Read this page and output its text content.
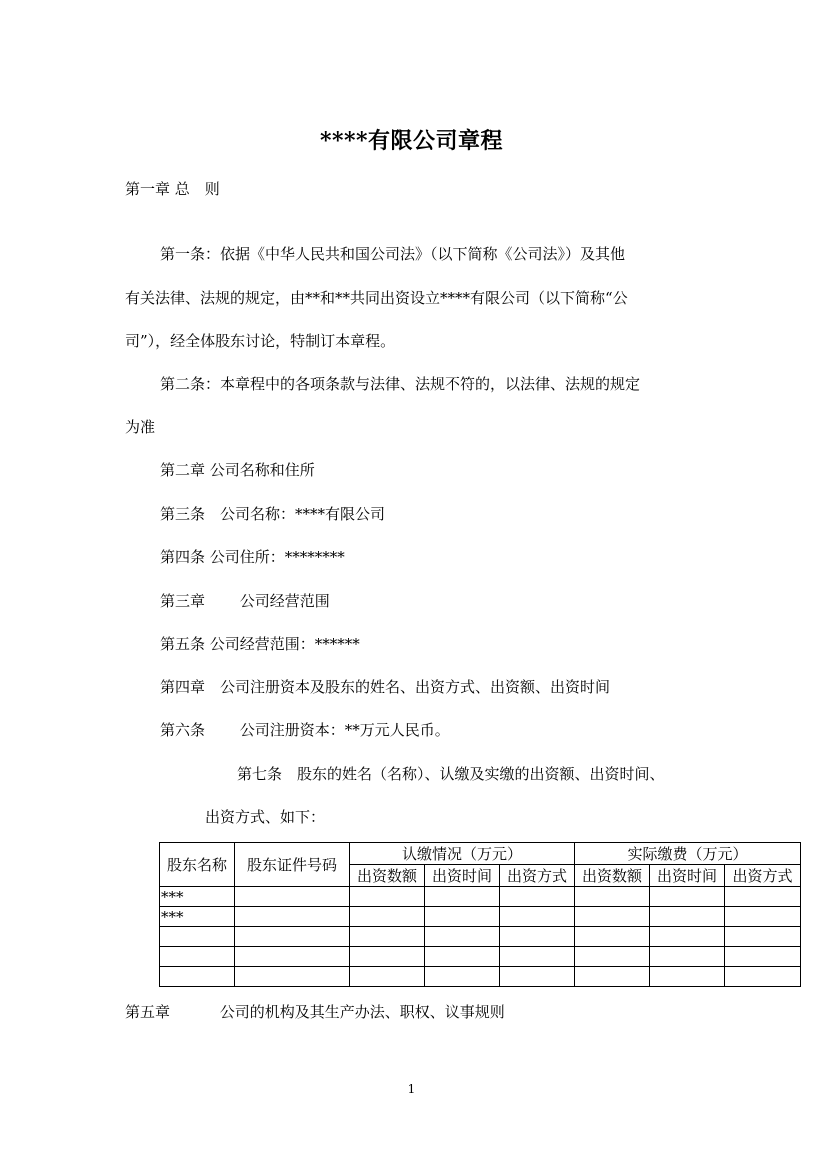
****有限公司章程
第一章 总　则
第一条：依据《中华人民共和国公司法》（以下简称《公司法》）及其他
有关法律、法规的规定，由**和**共同出资设立****有限公司（以下简称“公
司”），经全体股东讨论，特制订本章程。
第二条：本章程中的各项条款与法律、法规不符的，以法律、法规的规定
为准
第二章 公司名称和住所
第三条　公司名称：****有限公司
第四条 公司住所：********
第三章　　 公司经营范围
第五条 公司经营范围：******
第四章　公司注册资本及股东的姓名、出资方式、出资额、出资时间
第六条　　 公司注册资本：**万元人民币。
第七条　股东的姓名（名称）、认缴及实缴的出资额、出资时间、
出资方式、如下：
股东名称	股东证件号码	认缴情况（万元）			实际缴费（万元）		
		出资数额	出资时间	出资方式	出资数额	出资时间	出资方式
***							
***							

第五章　　　 公司的机构及其生产办法、职权、议事规则
1
